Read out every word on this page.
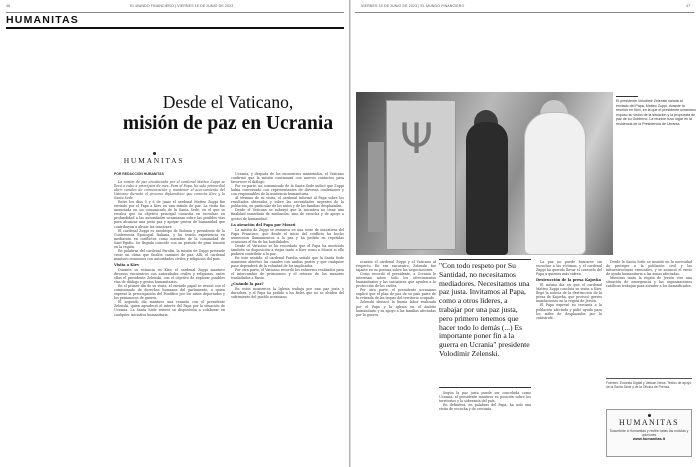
46	EL MUNDO FINANCIERO | VIERNES 15 DE JUNIO DE 2023
HUMANITAS
Desde el Vaticano,
misión de paz en Ucrania
HUMANITAS
POR REDACCIÓN HUMANITAS

La misión de paz encabezada por el cardenal Matteo Zuppi se llevó a cabo a principios de mes. Para el Papa, ha sido primordial abrir canales de comunicación y mantener el acercamiento del Vaticano durante el proceso diplomático que conecta Kiev y la Santa Sede.

Entre los días 5 y 6 de junio el cardenal Matteo Zuppi fue enviado por el Papa a Kiev en una misión de paz. La visita fue anunciada en un comunicado de la Santa Sede, en el que se recalca que su objetivo principal consistía en escuchar en profundidad a las autoridades ucranianas sobre las posibles vías para alcanzar una justa paz y apoyar gestos de humanidad que contribuyan a aliviar las tensiones.

El cardenal Zuppi es arzobispo de Bolonia y presidente de la Conferencia Episcopal Italiana, y ha tenido experiencia en mediación en conflictos como miembro de la comunidad de Sant'Egidio. Su llegada coincide con un periodo de gran tensión en la región.

En palabras del cardenal Parolin, la misión de Zuppi pretende crear un clima que facilite caminos de paz. Allí, el cardenal mantuvo reuniones con autoridades civiles y religiosas del país.

Visita a Kiev

Durante su estancia en Kiev, el cardenal Zuppi mantuvo diversos encuentros con autoridades civiles y religiosas, entre ellas el presidente Zelenski, con el objetivo de explorar posibles vías de diálogo y gestos humanitarios.

En el primer día de su visita, el enviado papal se reunió con el comisionado de derechos humanos del parlamento, a quien expresó la preocupación del Pontífice por los niños deportados y los prisioneros de guerra.

El segundo día mantuvo una reunión con el presidente Zelenski, quien agradeció el interés del Papa por la situación de Ucrania. La Santa Sede reiteró su disposición a colaborar en cualquier iniciativa humanitaria.

Ucrania, y después de los encuentros mantenidos, el Vaticano confirmó que la misión continuará con nuevos contactos para favorecer el diálogo.

Por su parte, un comunicado de la Santa Sede indicó que Zuppi había conversado con representantes de diversas confesiones y con responsables de la asistencia humanitaria.

Al término de su visita, el cardenal informó al Papa sobre los resultados obtenidos y sobre las necesidades urgentes de la población, en particular de los niños y de las familias desplazadas.

Desde el Vaticano se subrayó que la iniciativa no tiene una finalidad inmediata de mediación, sino de escucha y de apoyo a gestos de humanidad.

La atención del Papa por Moscú

La misión de Zuppi se enmarca en una serie de iniciativas del Papa Francisco, que desde el inicio del conflicto ha hecho numerosos llamamientos a la paz y ha pedido en repetidas ocasiones el fin de las hostilidades.

Desde el Vaticano se ha recordado que el Papa ha mostrado también su disposición a viajar tanto a Kiev como a Moscú si ello pudiera contribuir a la paz.

En este sentido, el cardenal Parolin señaló que la Santa Sede mantiene abiertos los canales con ambas partes y que cualquier paso dependerá de la voluntad de los implicados.

Por otra parte, el Vaticano recordó los esfuerzos realizados para el intercambio de prisioneros y el retorno de los menores trasladados a Rusia.

¿Cuándo la paz?

En estos momentos la Iglesia trabaja por una paz justa y duradera, y el Papa ha pedido a los fieles que no se olviden del sufrimiento del pueblo ucraniano.

VIERNES 15 DE JUNIO DE 2023 | EL MUNDO FINANCIERO	47
Ψ
El presidente Volodimir Zelenski saluda al enviado del Papa, Matteo Zuppi, durante la reunión en Kiev, en la que el presidente ucraniano expuso su visión de la situación y la propuesta de paz de su Gobierno. La reunión tuvo lugar en la residencia de la Presidencia de Ucrania.

ocasión el cardenal Zuppi y el Vaticano al respecto. En ese encuentro, Zelenski fue tajante en su postura sobre las negociaciones.

Como recordó el presidente, a Ucrania le interesan sobre todo los ofrecimientos humanitarios y las iniciativas que ayuden a la protección de los civiles.

Por otra parte, el presidente ucraniano explicó que el plan de paz de su país parte de la retirada de las tropas del territorio ocupado.

Zelenski destacó la buena labor realizada por el Papa y la iglesia en el ámbito humanitario y su apoyo a las familias afectadas por la guerra.

"Con todo respeto por Su Santidad, no necesitamos mediadores. Necesitamos una paz justa. Invitamos al Papa, como a otros líderes, a trabajar por una paz justa, pero primero tenemos que hacer todo lo demás (...) Es importante poner fin a la guerra en Ucrania" presidente Volodímir Zelenski.

Según la paz justa puede ser concebida como Ucrania, el presidente mantuvo su posición sobre los territorios y la soberanía del país.

En definitiva, en palabras del Papa, ha sido una visita de escucha y de cercanía.

La paz no puede buscarse sin escuchar a las víctimas, y el cardenal Zuppi ha querido llevar el consuelo del Papa a quienes más sufren.

Destrucción de la presa Kajovka

El mismo día en que el cardenal Matteo Zuppi concluía su visita a Kiev, llegó la noticia de la destrucción de la presa de Kajovka, que provocó graves inundaciones en la región de Jersón.

El Papa expresó su cercanía a la población afectada y pidió ayuda para los miles de desplazados por la catástrofe.

Desde la Santa Sede se insistió en la necesidad de proteger a la población civil y las infraestructuras esenciales, y se anunció el envío de ayuda humanitaria a las zonas afectadas.

Mientras tanto la región de Jersón vive una situación de emergencia y las organizaciones católicas trabajan para atender a los damnificados.

Fuentes: Ecclesia Digital y Vatican News. Textos de apoyo de la Santa Sede y de la Oficina de Prensa.
HUMANITAS
Suscríbete a Humanitas y recibe todas las noticias y opiniones
www.humanitas.it
